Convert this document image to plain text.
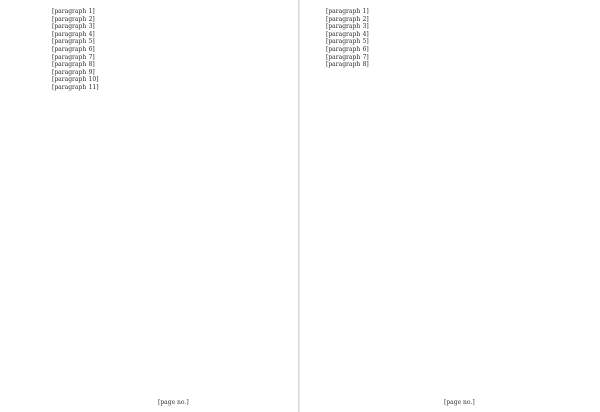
[paragraph 1]

[paragraph 2]

[paragraph 3]

[paragraph 4]

[paragraph 5]

[paragraph 6]

[paragraph 7]

[paragraph 8]

[paragraph 9]

[paragraph 10]

[paragraph 11]

[paragraph 1]

[paragraph 2]

[paragraph 3]

[paragraph 4]

[paragraph 5]

[paragraph 6]

[paragraph 7]

[paragraph 8]

[page no.]	[page no.]
